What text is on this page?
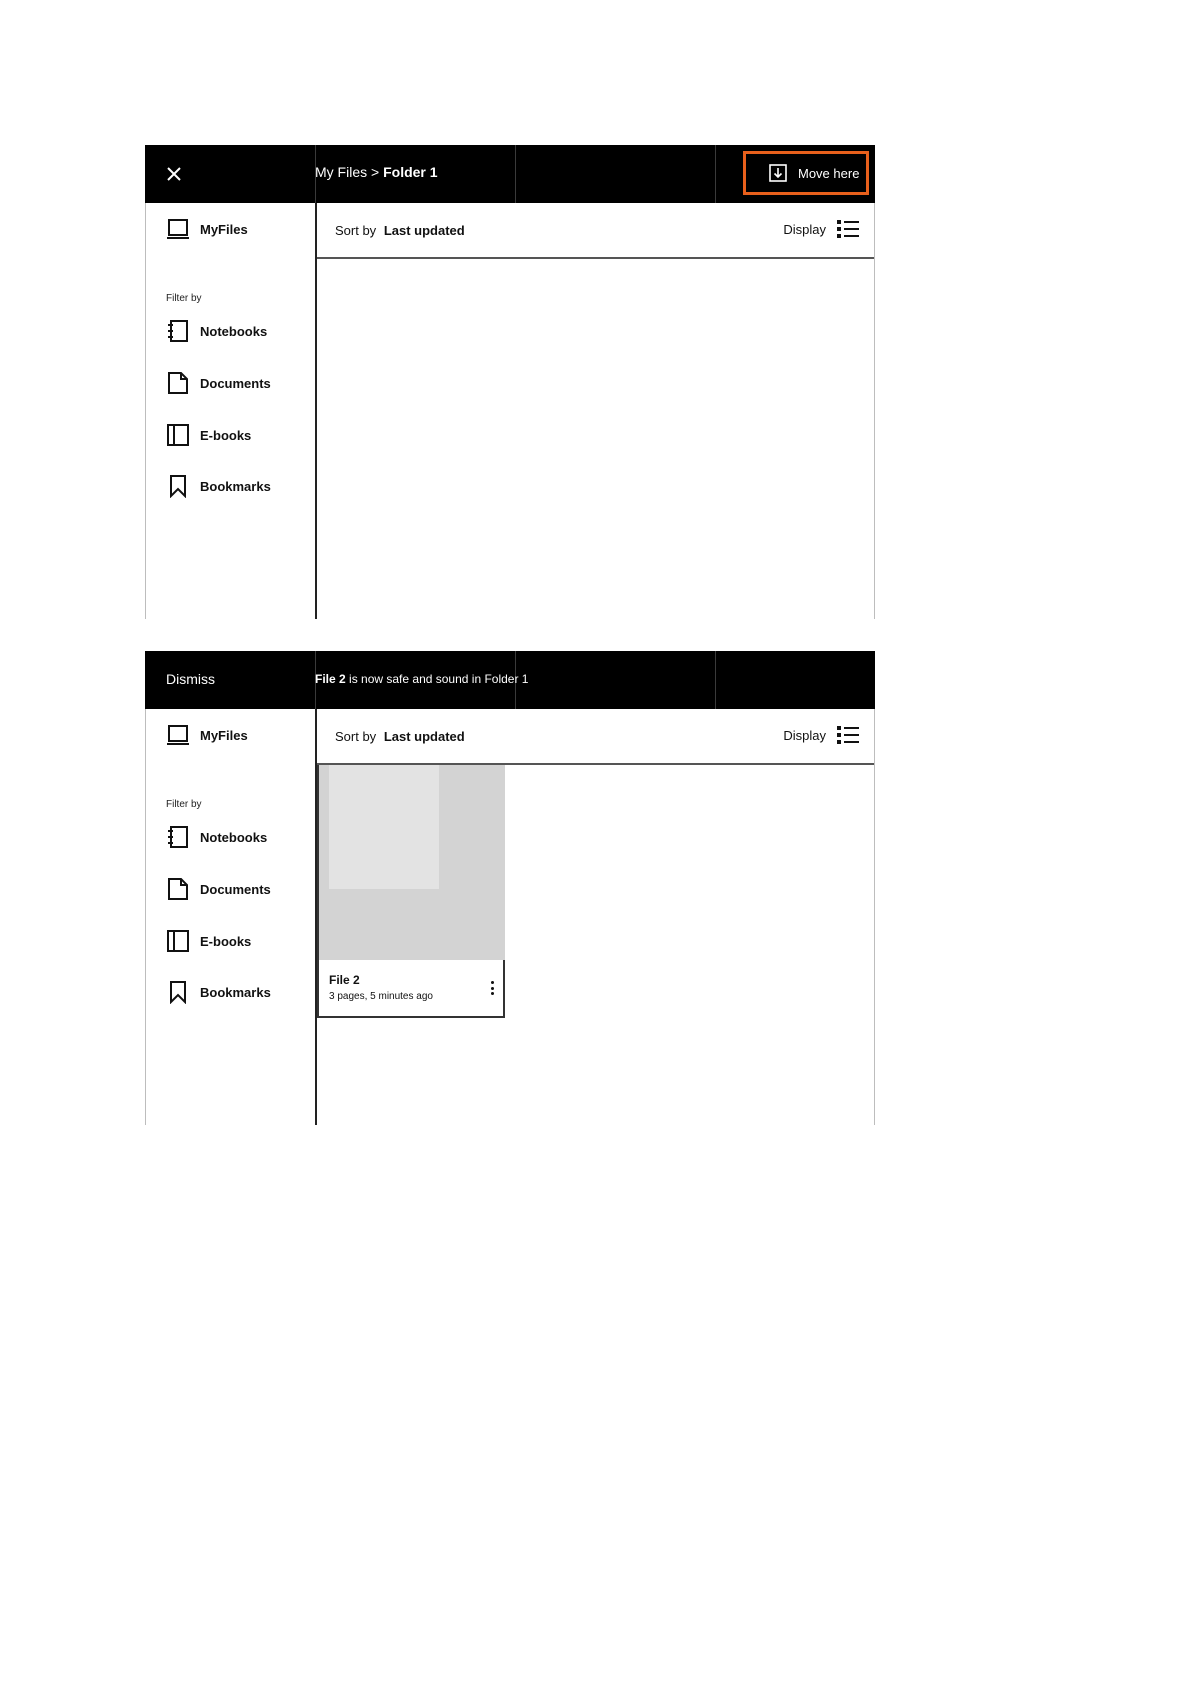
My Files > Folder 1	Move here
MyFiles
Filter by
Notebooks
Documents
E-books
Bookmarks
Sort by Last updated	Display
Dismiss	File 2 is now safe and sound in Folder 1
MyFiles
Filter by
Notebooks
Documents
E-books
Bookmarks
Sort by Last updated	Display
File 2
3 pages, 5 minutes ago
